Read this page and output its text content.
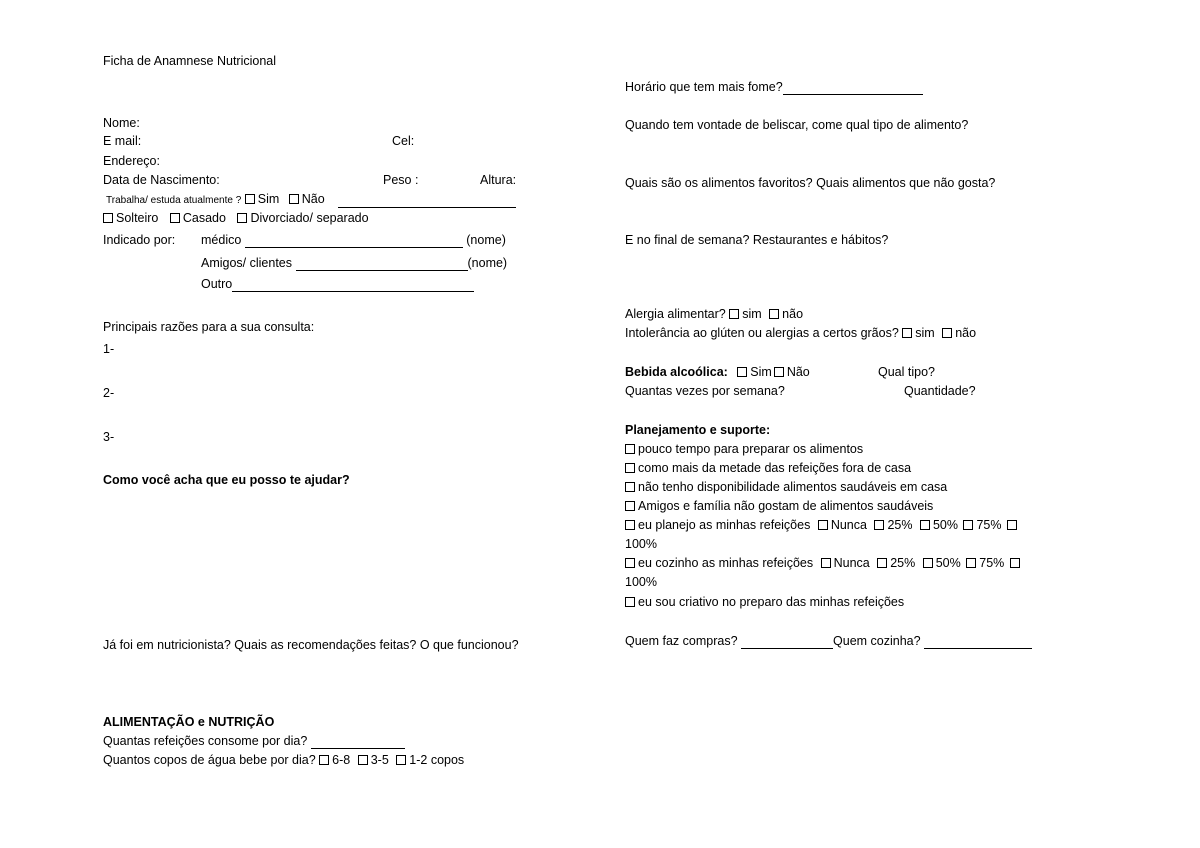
Ficha de Anamnese Nutricional
Nome:
E mail:	Cel:
Endereço:
Data de Nascimento:	Peso :	Altura:
Trabalha/ estuda atualmente ? Sim Não
Solteiro Casado Divorciado/ separado
Indicado por: médico	(nome)
Amigos/ clientes	(nome)
Outro
Principais razões para a sua consulta:
1-
2-
3-
Como você acha que eu posso te ajudar?
Já foi em nutricionista? Quais as recomendações feitas? O que funcionou?
ALIMENTAÇÃO e NUTRIÇÃO
Quantas refeições consome por dia?
Quantos copos de água bebe por dia? 6-8 3-5 1-2 copos
Horário que tem mais fome?
Quando tem vontade de beliscar, come qual tipo de alimento?
Quais são os alimentos favoritos? Quais alimentos que não gosta?
E no final de semana? Restaurantes e hábitos?
Alergia alimentar? sim não
Intolerância ao glúten ou alergias a certos grãos? sim não
Bebida alcoólica: Sim Não	Qual tipo?
Quantas vezes por semana?	Quantidade?
Planejamento e suporte:
pouco tempo para preparar os alimentos
como mais da metade das refeições fora de casa
não tenho disponibilidade alimentos saudáveis em casa
Amigos e família não gostam de alimentos saudáveis
eu planejo as minhas refeições Nunca 25% 50% 75%
100%
eu cozinho as minhas refeições Nunca 25% 50% 75%
100%
eu sou criativo no preparo das minhas refeições
Quem faz compras?	Quem cozinha?
